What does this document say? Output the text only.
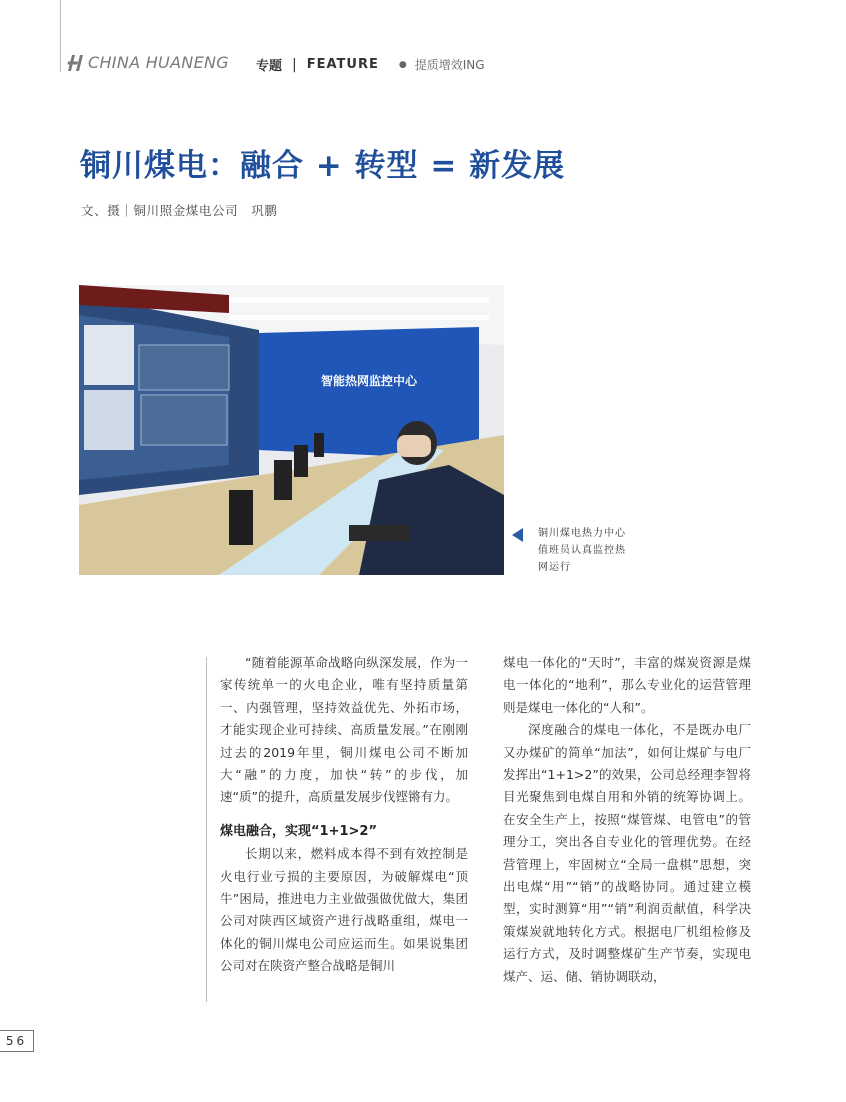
CHINA HUANENG 专题 | FEATURE ● 提质增效ING
铜川煤电：融合 + 转型 = 新发展
文、摄｜铜川照金煤电公司　巩鹏
智能热网监控中心
铜川煤电热力中心值班员认真监控热网运行

“随着能源革命战略向纵深发展，作为一家传统单一的火电企业，唯有坚持质量第一、内强管理，坚持效益优先、外拓市场，才能实现企业可持续、高质量发展。”在刚刚过去的2019年里，铜川煤电公司不断加大“融”的力度，加快“转”的步伐，加速“质”的提升，高质量发展步伐铿锵有力。

煤电融合，实现“1+1>2”

长期以来，燃料成本得不到有效控制是火电行业亏损的主要原因，为破解煤电“顶牛”困局，推进电力主业做强做优做大，集团公司对陕西区域资产进行战略重组，煤电一体化的铜川煤电公司应运而生。如果说集团公司对在陕资产整合战略是铜川

煤电一体化的“天时”，丰富的煤炭资源是煤电一体化的“地利”，那么专业化的运营管理则是煤电一体化的“人和”。

深度融合的煤电一体化，不是既办电厂又办煤矿的简单“加法”，如何让煤矿与电厂发挥出“1+1>2”的效果，公司总经理李智将目光聚焦到电煤自用和外销的统筹协调上。在安全生产上，按照“煤管煤、电管电”的管理分工，突出各自专业化的管理优势。在经营管理上，牢固树立“全局一盘棋”思想，突出电煤“用”“销”的战略协同。通过建立模型，实时测算“用”“销”利润贡献值，科学决策煤炭就地转化方式。根据电厂机组检修及运行方式，及时调整煤矿生产节奏，实现电煤产、运、储、销协调联动，

56
